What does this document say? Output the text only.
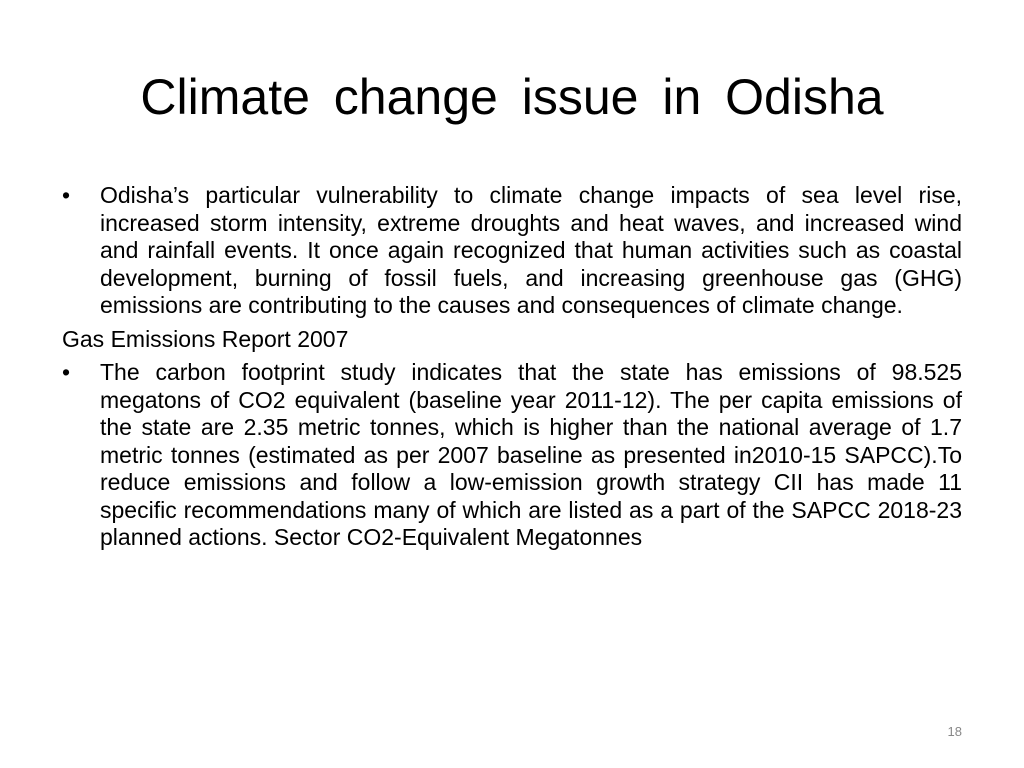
Climate change issue in Odisha
•	Odisha’s particular vulnerability to climate change impacts of sea level rise, increased storm intensity, extreme droughts and heat waves, and increased wind and rainfall events. It once again recognized that human activities such as coastal development, burning of fossil fuels, and increasing greenhouse gas (GHG) emissions are contributing to the causes and consequences of climate change.
Gas Emissions Report 2007
•	The carbon footprint study indicates that the state has emissions of 98.525 megatons of CO2 equivalent (baseline year 2011-12). The per capita emissions of the state are 2.35 metric tonnes, which is higher than the national average of 1.7 metric tonnes (estimated as per 2007 baseline as presented in2010-15 SAPCC).To reduce emissions and follow a low-emission growth strategy CII has made 11 specific recommendations many of which are listed as a part of the SAPCC 2018-23 planned actions. Sector CO2-Equivalent Megatonnes
18
